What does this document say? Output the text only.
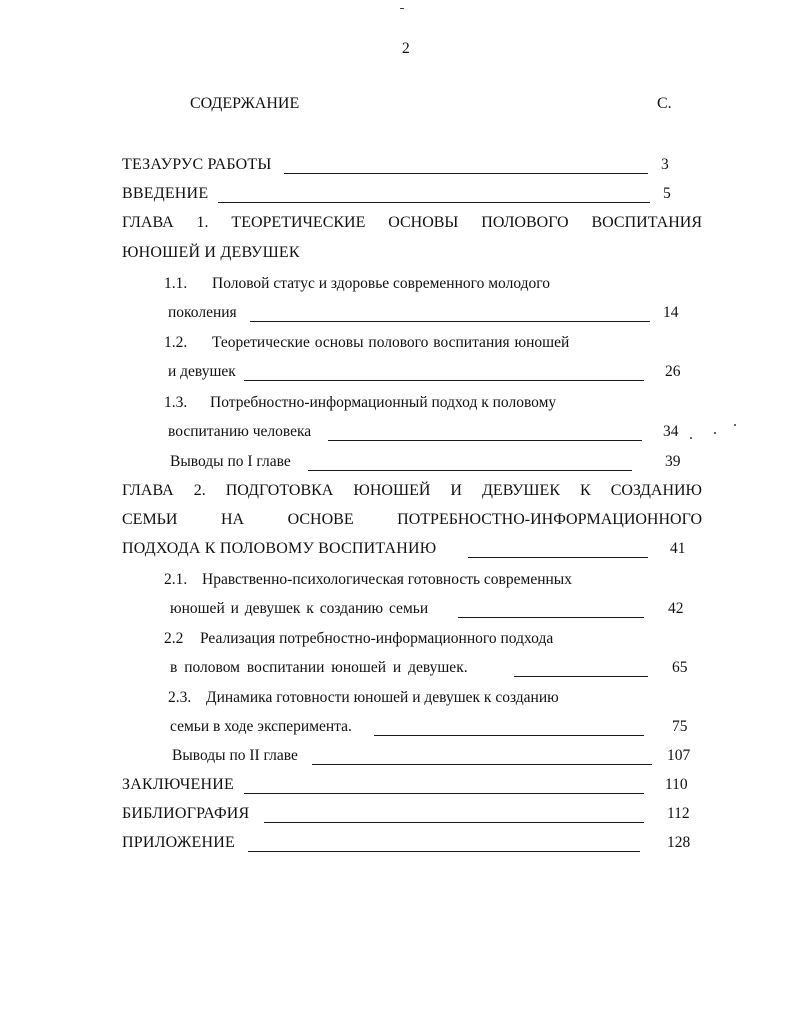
2
СОДЕРЖАНИЕ	С.
ТЕЗАУРУС РАБОТЫ	3
ВВЕДЕНИЕ	5
ГЛАВА 1. ТЕОРЕТИЧЕСКИЕ ОСНОВЫ ПОЛОВОГО ВОСПИТАНИЯ
ЮНОШЕЙ И ДЕВУШЕК
1.1. Половой статус и здоровье современного молодого
поколения	14
1.2. Теоретические основы полового воспитания юношей
и девушек	26
1.3. Потребностно-информационный подход к половому
воспитанию человека	34
Выводы по I главе	39
ГЛАВА 2. ПОДГОТОВКА ЮНОШЕЙ И ДЕВУШЕК К СОЗДАНИЮ
СЕМЬИ НА ОСНОВЕ ПОТРЕБНОСТНО-ИНФОРМАЦИОННОГО
ПОДХОДА К ПОЛОВОМУ ВОСПИТАНИЮ	41
2.1. Нравственно-психологическая готовность современных
юношей и девушек к созданию семьи	42
2.2 Реализация потребностно-информационного подхода
в половом воспитании юношей и девушек.	65
2.3. Динамика готовности юношей и девушек к созданию
семьи в ходе эксперимента.	75
Выводы по II главе	107
ЗАКЛЮЧЕНИЕ	110
БИБЛИОГРАФИЯ	112
ПРИЛОЖЕНИЕ	128
